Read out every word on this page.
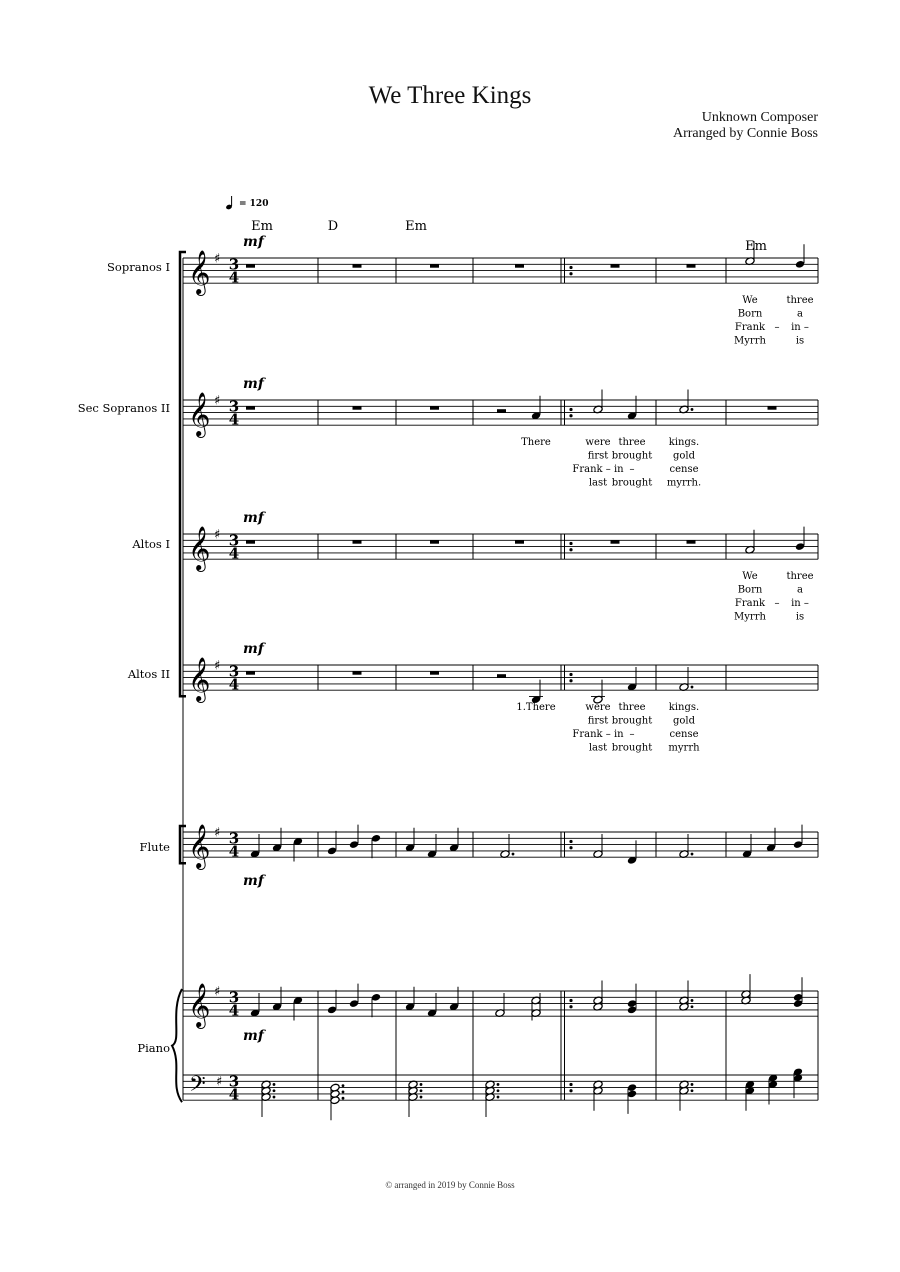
We Three Kings
Unknown Composer
Arranged by Connie Boss
= 120
Em	D	Em
Em
Sopranos I
Sec Sopranos II
Altos I
Altos II
Flute
Piano
𝄞 ♯ 3
4
mf
𝄞 ♯ 3
4
mf
𝄞 ♯ 3
4
mf
𝄞 ♯ 3
4
mf
We
Born
Frank
Myrrh
three
a
in –
is
–
There	were
first
Frank – in
last
three
brought
–
brought
kings.
gold
cense
myrrh.
We
Born
Frank
Myrrh
three
a
in –
is
–
1.There	were
first
Frank – in
last
three
brought
–
brought
kings.
gold
cense
myrrh
𝄞 ♯ 3
4
mf
𝄞 ♯ 3
4
mf
𝄢 ♯ 3
4
© arranged in 2019 by Connie Boss
